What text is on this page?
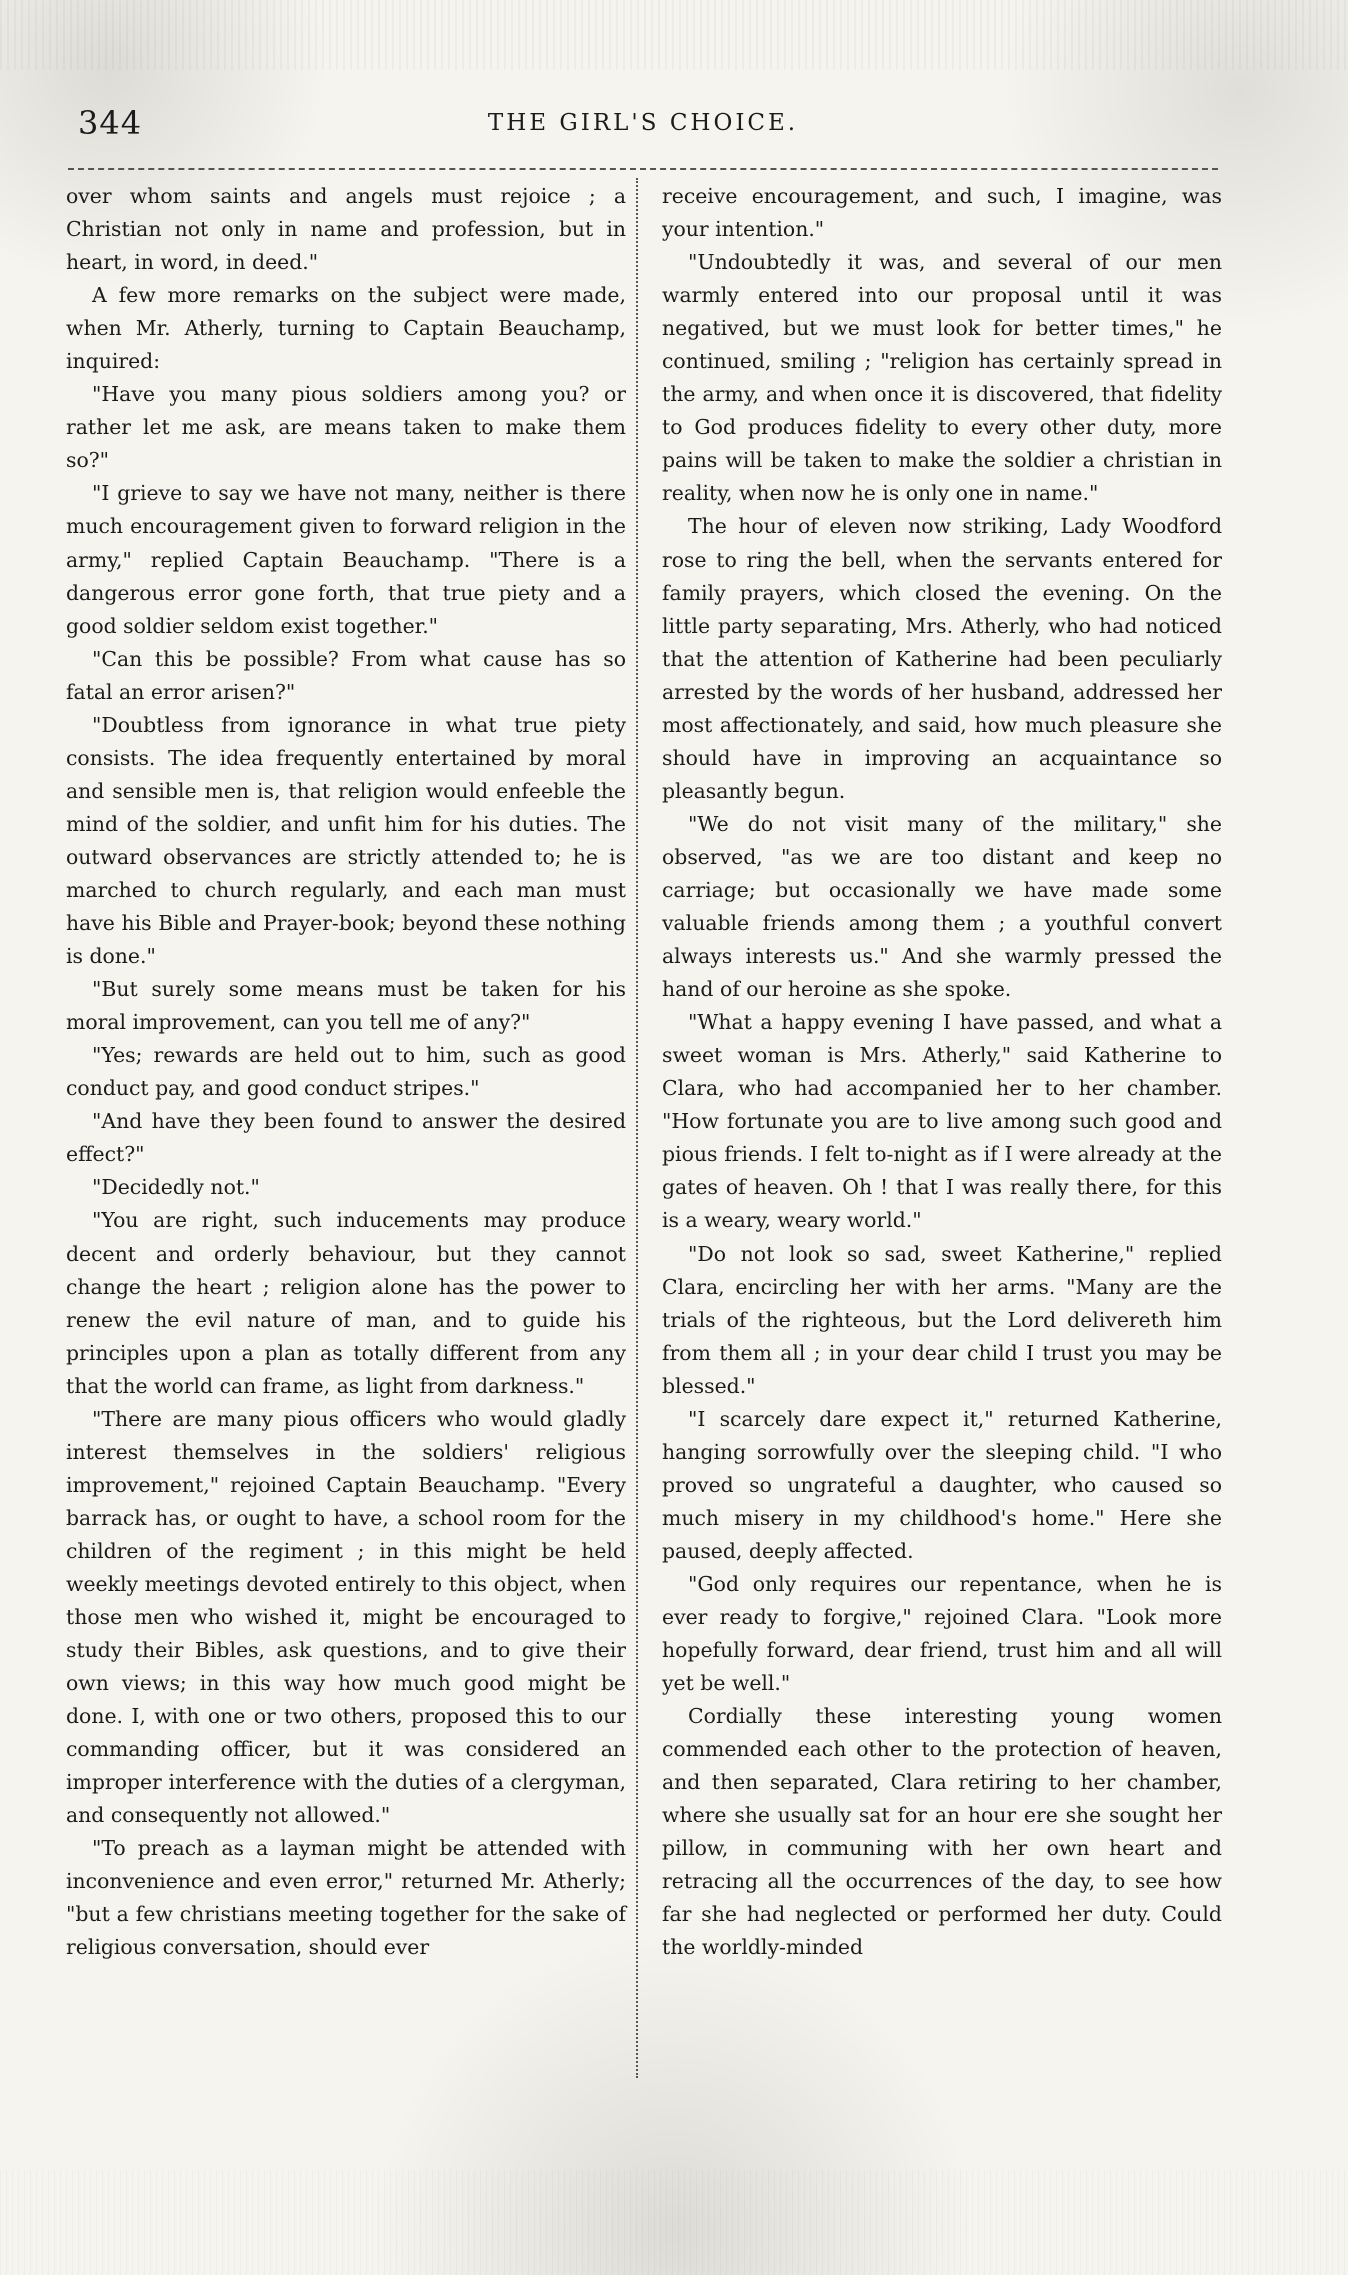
344	THE GIRL'S CHOICE.

over whom saints and angels must rejoice ; a Christian not only in name and profession, but in heart, in word, in deed."

A few more remarks on the subject were made, when Mr. Atherly, turning to Captain Beauchamp, inquired:

"Have you many pious soldiers among you? or rather let me ask, are means taken to make them so?"

"I grieve to say we have not many, neither is there much encouragement given to forward religion in the army," replied Captain Beauchamp. "There is a dangerous error gone forth, that true piety and a good soldier seldom exist together."

"Can this be possible? From what cause has so fatal an error arisen?"

"Doubtless from ignorance in what true piety consists. The idea frequently entertained by moral and sensible men is, that religion would enfeeble the mind of the soldier, and unfit him for his duties. The outward observances are strictly attended to; he is marched to church regularly, and each man must have his Bible and Prayer-book; beyond these nothing is done."

"But surely some means must be taken for his moral improvement, can you tell me of any?"

"Yes; rewards are held out to him, such as good conduct pay, and good conduct stripes."

"And have they been found to answer the desired effect?"

"Decidedly not."

"You are right, such inducements may produce decent and orderly behaviour, but they cannot change the heart ; religion alone has the power to renew the evil nature of man, and to guide his principles upon a plan as totally different from any that the world can frame, as light from darkness."

"There are many pious officers who would gladly interest themselves in the soldiers' religious improvement," rejoined Captain Beauchamp. "Every barrack has, or ought to have, a school room for the children of the regiment ; in this might be held weekly meetings devoted entirely to this object, when those men who wished it, might be encouraged to study their Bibles, ask questions, and to give their own views; in this way how much good might be done. I, with one or two others, proposed this to our commanding officer, but it was considered an improper interference with the duties of a clergyman, and consequently not allowed."

"To preach as a layman might be attended with inconvenience and even error," returned Mr. Atherly; "but a few christians meeting together for the sake of religious conversation, should ever

receive encouragement, and such, I imagine, was your intention."

"Undoubtedly it was, and several of our men warmly entered into our proposal until it was negatived, but we must look for better times," he continued, smiling ; "religion has certainly spread in the army, and when once it is discovered, that fidelity to God produces fidelity to every other duty, more pains will be taken to make the soldier a christian in reality, when now he is only one in name."

The hour of eleven now striking, Lady Woodford rose to ring the bell, when the servants entered for family prayers, which closed the evening. On the little party separating, Mrs. Atherly, who had noticed that the attention of Katherine had been peculiarly arrested by the words of her husband, addressed her most affectionately, and said, how much pleasure she should have in improving an acquaintance so pleasantly begun.

"We do not visit many of the military," she observed, "as we are too distant and keep no carriage; but occasionally we have made some valuable friends among them ; a youthful convert always interests us." And she warmly pressed the hand of our heroine as she spoke.

"What a happy evening I have passed, and what a sweet woman is Mrs. Atherly," said Katherine to Clara, who had accompanied her to her chamber. "How fortunate you are to live among such good and pious friends. I felt to-night as if I were already at the gates of heaven. Oh ! that I was really there, for this is a weary, weary world."

"Do not look so sad, sweet Katherine," replied Clara, encircling her with her arms. "Many are the trials of the righteous, but the Lord delivereth him from them all ; in your dear child I trust you may be blessed."

"I scarcely dare expect it," returned Katherine, hanging sorrowfully over the sleeping child. "I who proved so ungrateful a daughter, who caused so much misery in my childhood's home." Here she paused, deeply affected.

"God only requires our repentance, when he is ever ready to forgive," rejoined Clara. "Look more hopefully forward, dear friend, trust him and all will yet be well."

Cordially these interesting young women commended each other to the protection of heaven, and then separated, Clara retiring to her chamber, where she usually sat for an hour ere she sought her pillow, in communing with her own heart and retracing all the occurrences of the day, to see how far she had neglected or performed her duty. Could the worldly-minded
